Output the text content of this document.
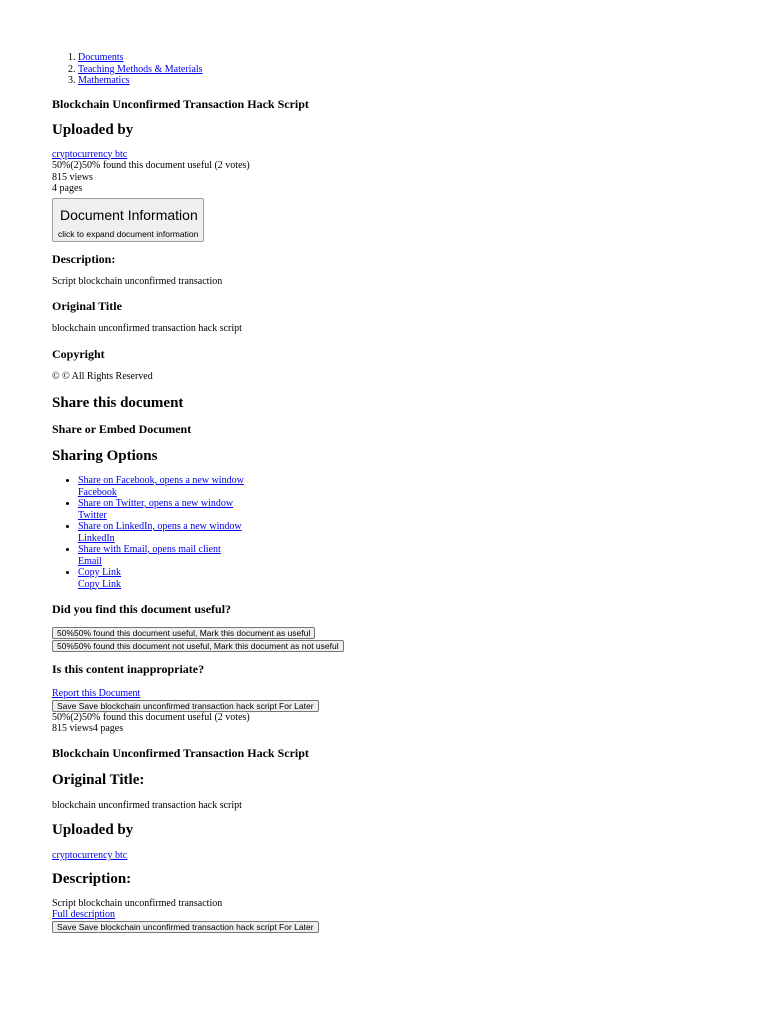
1. Documents
2. Teaching Methods & Materials
3. Mathematics
Blockchain Unconfirmed Transaction Hack Script
Uploaded by

cryptocurrency btc

50%(2)50% found this document useful (2 votes)

815 views

4 pages

Document Information
click to expand document information
Description:

Script blockchain unconfirmed transaction

Original Title

blockchain unconfirmed transaction hack script

Copyright

© © All Rights Reserved

Share this document
Share or Embed Document
Sharing Options
• Share on Facebook, opens a new window
Facebook
• Share on Twitter, opens a new window
Twitter
• Share on LinkedIn, opens a new window
LinkedIn
• Share with Email, opens mail client
Email
• Copy Link
Copy Link
Did you find this document useful?
50%50% found this document useful, Mark this document as useful
50%50% found this document not useful, Mark this document as not useful
Is this content inappropriate?

Report this Document

Save Save blockchain unconfirmed transaction hack script For Later

50%(2)50% found this document useful (2 votes)

815 views4 pages

Blockchain Unconfirmed Transaction Hack Script
Original Title:

blockchain unconfirmed transaction hack script

Uploaded by

cryptocurrency btc

Description:

Script blockchain unconfirmed transaction

Full description

Save Save blockchain unconfirmed transaction hack script For Later
